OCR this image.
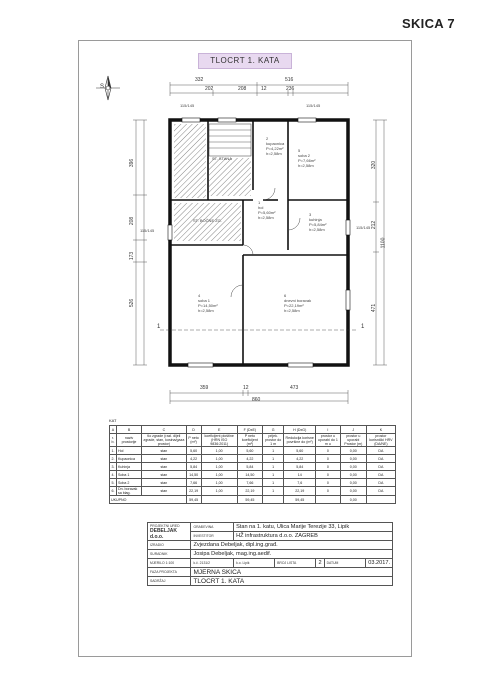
SKICA 7
TLOCRT 1. KATA
332	516
202	208	12	236
359	12	473
860
396
208
173
526
320
212
471
1100
1	1
S
ST. STANA
ST. BOČNE ZG.
115/145	115/145
115/145
115/145
1
hol
P=5,60m²
h=2,58m
2
kupaonica
P=4,22m²
h=2,58m
3
kuhinja
P=5,84m²
h=2,58m
4
soba 1
P=14,50m²
h=2,58m
5
soba 2
P=7,66m²
h=2,58m
6
dnevni boravak
P=22,19m²
h=2,58m
KAT
A	B	C	D	E	F (DxE)	G	H (DxG)	I	J	K
r. b.	naziv prostorije	tlo zgrade (razl. dijeli zgrade, stan, kosina/gaza prostor)	P neto (m²)	koeficijent ploštine (HRN ISO 9836:2011)	P neto koeficijent (m²)	prijek. prostor do 1 m	Redukcija korisne površine do (m²)	prostor u uporabi do 1 m u	prostor u uporabi Prostor (m)	prostor korisnički HRV (DA/NE)
1.	Hol	stan	5,60	1,00	5,60	1	5,60	0	0,00	DA
2.	Kupaonica	stan	4,22	1,00	4,22	1	4,22	0	0,00	DA
3.	Kuhinja	stan	5,84	1,00	5,84	1	5,84	0	0,00	DA
4.	Soba 1	stan	14,50	1,00	14,50	1	14	0	0,00	DA
5.	Soba 2	stan	7,66	1,00	7,66	1	7,6	0	0,00	DA
6.	Dn. boravak sa blag.	stan	22,19	1,00	22,19	1	22,19	0	0,00	DA
UKUPNO			59,45		59,45		59,45		0,00	
PROJEKTNI URED
DEBELJAK d.o.o.	GRAĐEVINA	Stan na 1. katu, Ulica Marije Terezije 33, Lipik				
	INVESTITOR	HŽ infrastruktura d.o.o. ZAGREB				
IZRADIO	Zvjezdana Debeljak, dipl.ing.građ.					
SURADNIK	Josipa Debeljak, mag.ing.aedif.					
MJERILO 1:100	k.č. 2131/2	k.o. Lipik	BROJ LISTA	2	DATUM	03.2017.
FAZA PROJEKTA	MJERNA SKICA					
SADRŽAJ	TLOCRT 1. KATA					
